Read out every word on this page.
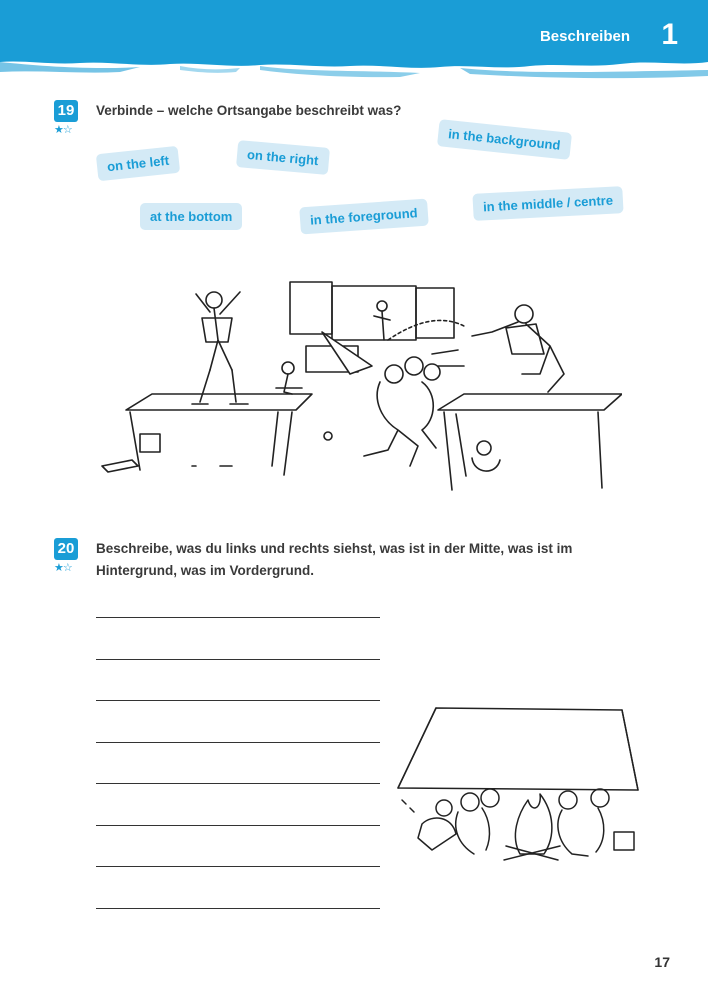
Beschreiben 1
19
★☆
Verbinde – welche Ortsangabe beschreibt was?
on the left	on the right
in the background
at the bottom	in the foreground
in the middle / centre
20
★☆
Beschreibe, was du links und rechts siehst, was ist in der Mitte, was ist im
Hintergrund, was im Vordergrund.
17
